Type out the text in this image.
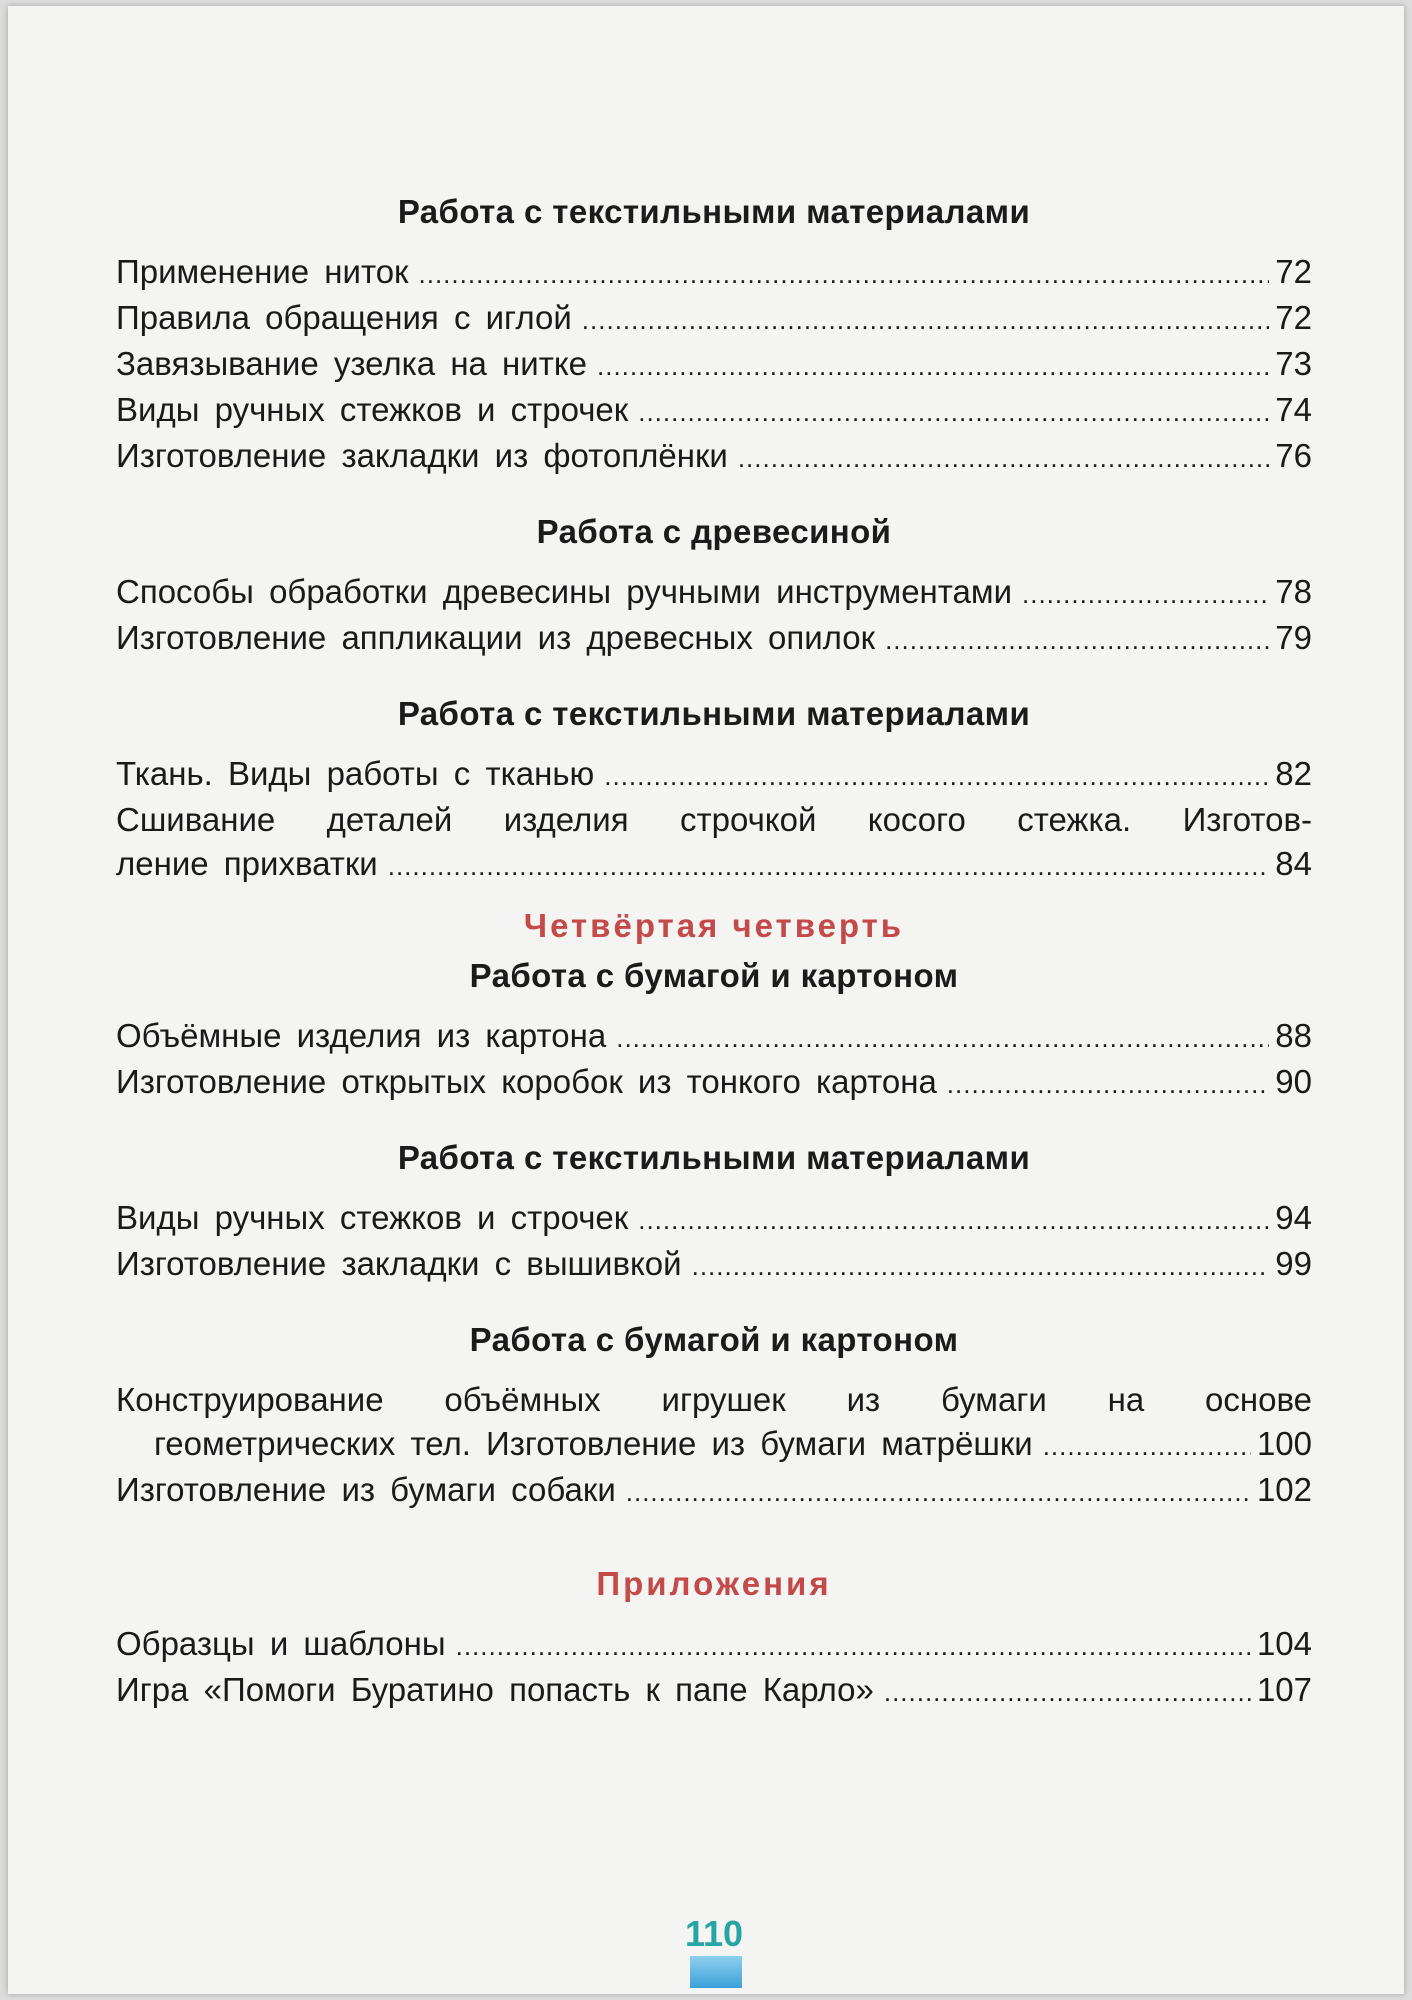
Работа с текстильными материалами
Применение ниток .....	72
Правила обращения с иглой .....	72
Завязывание узелка на нитке .....	73
Виды ручных стежков и строчек .....	74
Изготовление закладки из фотоплёнки .....	76
Работа с древесиной
Способы обработки древесины ручными инструментами .....	78
Изготовление аппликации из древесных опилок .....	79
Работа с текстильными материалами
Ткань. Виды работы с тканью .....	82
Сшивание деталей изделия строчкой косого стежка. Изготов-
ление прихватки .....	84
Четвёртая четверть
Работа с бумагой и картоном
Объёмные изделия из картона .....	88
Изготовление открытых коробок из тонкого картона .....	90
Работа с текстильными материалами
Виды ручных стежков и строчек .....	94
Изготовление закладки с вышивкой .....	99
Работа с бумагой и картоном
Конструирование объёмных игрушек из бумаги на основе
геометрических тел. Изготовление из бумаги матрёшки .....	100
Изготовление из бумаги собаки .....	102
Приложения
Образцы и шаблоны .....	104
Игра «Помоги Буратино попасть к папе Карло» .....	107
110
